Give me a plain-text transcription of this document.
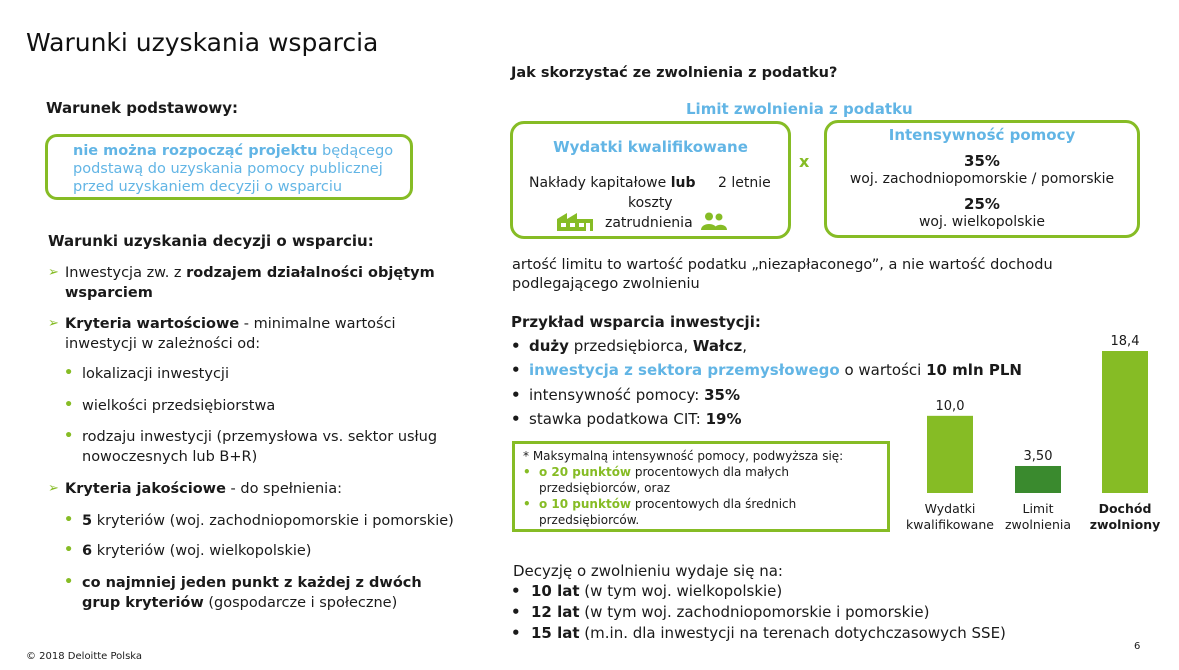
Warunki uzyskania wsparcia
Warunek podstawowy:
nie można rozpocząć projektu będącego
podstawą do uzyskania pomocy publicznej
przed uzyskaniem decyzji o wsparciu
Warunki uzyskania decyzji o wsparciu:
➢ Inwestycja zw. z rodzajem działalności objętym wsparciem
➢ Kryteria wartościowe - minimalne wartości inwestycji w zależności od:
• lokalizacji inwestycji
• wielkości przedsiębiorstwa
• rodzaju inwestycji (przemysłowa vs. sektor usług nowoczesnych lub B+R)
➢ Kryteria jakościowe - do spełnienia:
• 5 kryteriów (woj. zachodniopomorskie i pomorskie)
• 6 kryteriów (woj. wielkopolskie)
• co najmniej jeden punkt z każdej z dwóch grup kryteriów (gospodarcze i społeczne)
Jak skorzystać ze zwolnienia z podatku?
Limit zwolnienia z podatku
Wydatki kwalifikowane
Nakłady kapitałowe lub 2 letnie
koszty
zatrudnienia
x
Intensywność pomocy
35%
woj. zachodniopomorskie / pomorskie
25%
woj. wielkopolskie
artość limitu to wartość podatku „niezapłaconego”, a nie wartość dochodu
podlegającego zwolnieniu
Przykład wsparcia inwestycji:
• duży przedsiębiorca, Wałcz,
• inwestycja z sektora przemysłowego o wartości 10 mln PLN
• intensywność pomocy: 35%
• stawka podatkowa CIT: 19%
* Maksymalną intensywność pomocy, podwyższa się:
• o 20 punktów procentowych dla małych
przedsiębiorców, oraz
• o 10 punktów procentowych dla średnich
przedsiębiorców.
10,0
Wydatki
kwalifikowane
3,50
Limit
zwolnienia
18,4
Dochód
zwolniony
Decyzję o zwolnieniu wydaje się na:
• 10 lat (w tym woj. wielkopolskie)
• 12 lat (w tym woj. zachodniopomorskie i pomorskie)
• 15 lat (m.in. dla inwestycji na terenach dotychczasowych SSE)
© 2018 Deloitte Polska
6
